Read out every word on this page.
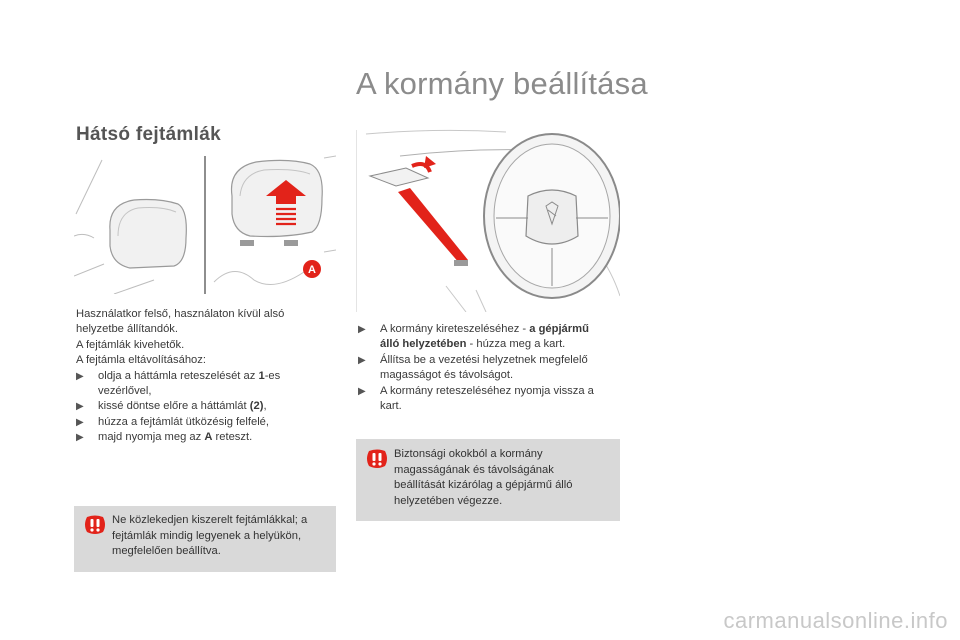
A kormány beállítása
Hátsó fejtámlák
A
Használatkor felső, használaton kívül alsó
helyzetbe állítandók.
A fejtámlák kivehetők.
A fejtámla eltávolításához:
▶ oldja a háttámla reteszelését az 1-es
vezérlővel,
▶ kissé döntse előre a háttámlát (2),
▶ húzza a fejtámlát ütközésig felfelé,
▶ majd nyomja meg az A reteszt.
▶ A kormány kireteszeléséhez - a gépjármű
álló helyzetében - húzza meg a kart.
▶ Állítsa be a vezetési helyzetnek megfelelő
magasságot és távolságot.
▶ A kormány reteszeléséhez nyomja vissza a
kart.
Biztonsági okokból a kormány
magasságának és távolságának
beállítását kizárólag a gépjármű álló
helyzetében végezze.
Ne közlekedjen kiszerelt fejtámlákkal; a
fejtámlák mindig legyenek a helyükön,
megfelelően beállítva.
carmanualsonline.info
